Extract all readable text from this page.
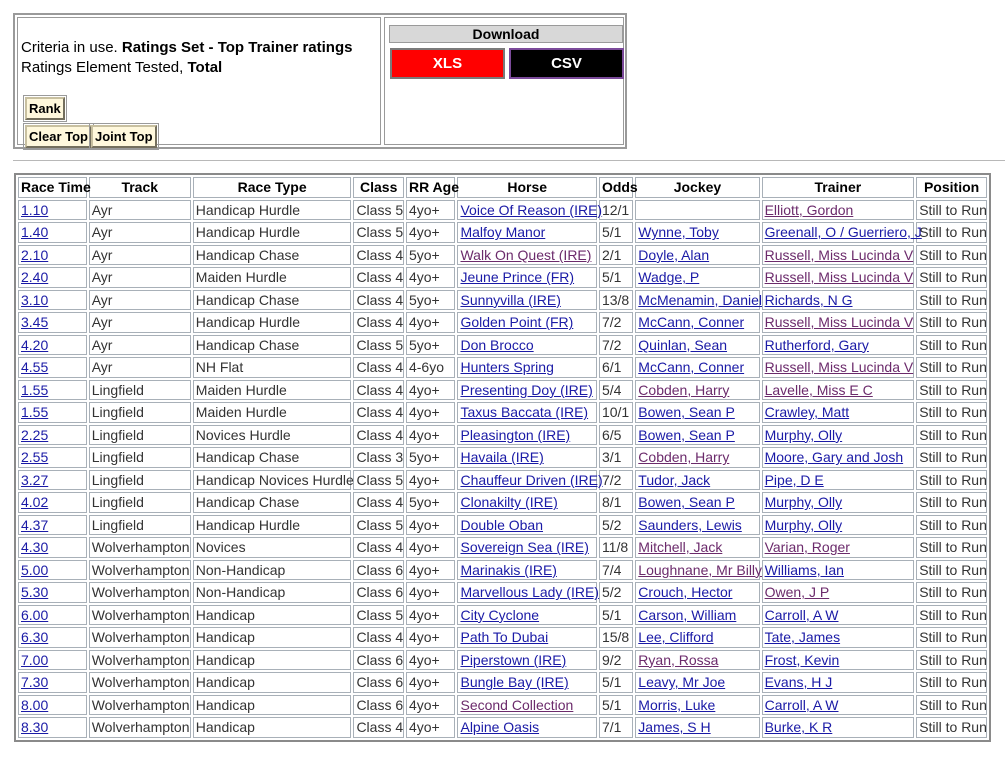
Criteria in use. Ratings Set - Top Trainer ratings
Ratings Element Tested, Total
Rank
Clear Top Joint Top
Download
XLS	CSV
Race Time	Track	Race Type	Class	RR Age	Horse	Odds	Jockey	Trainer	Position
1.10	Ayr	Handicap Hurdle	Class 5	4yo+	Voice Of Reason (IRE)	12/1		Elliott, Gordon	Still to Run
1.40	Ayr	Handicap Hurdle	Class 5	4yo+	Malfoy Manor	5/1	Wynne, Toby	Greenall, O / Guerriero, J	Still to Run
2.10	Ayr	Handicap Chase	Class 4	5yo+	Walk On Quest (IRE)	2/1	Doyle, Alan	Russell, Miss Lucinda V	Still to Run
2.40	Ayr	Maiden Hurdle	Class 4	4yo+	Jeune Prince (FR)	5/1	Wadge, P	Russell, Miss Lucinda V	Still to Run
3.10	Ayr	Handicap Chase	Class 4	5yo+	Sunnyvilla (IRE)	13/8	McMenamin, Daniel	Richards, N G	Still to Run
3.45	Ayr	Handicap Hurdle	Class 4	4yo+	Golden Point (FR)	7/2	McCann, Conner	Russell, Miss Lucinda V	Still to Run
4.20	Ayr	Handicap Chase	Class 5	5yo+	Don Brocco	7/2	Quinlan, Sean	Rutherford, Gary	Still to Run
4.55	Ayr	NH Flat	Class 4	4-6yo	Hunters Spring	6/1	McCann, Conner	Russell, Miss Lucinda V	Still to Run
1.55	Lingfield	Maiden Hurdle	Class 4	4yo+	Presenting Doy (IRE)	5/4	Cobden, Harry	Lavelle, Miss E C	Still to Run
1.55	Lingfield	Maiden Hurdle	Class 4	4yo+	Taxus Baccata (IRE)	10/1	Bowen, Sean P	Crawley, Matt	Still to Run
2.25	Lingfield	Novices Hurdle	Class 4	4yo+	Pleasington (IRE)	6/5	Bowen, Sean P	Murphy, Olly	Still to Run
2.55	Lingfield	Handicap Chase	Class 3	5yo+	Havaila (IRE)	3/1	Cobden, Harry	Moore, Gary and Josh	Still to Run
3.27	Lingfield	Handicap Novices Hurdle	Class 5	4yo+	Chauffeur Driven (IRE)	7/2	Tudor, Jack	Pipe, D E	Still to Run
4.02	Lingfield	Handicap Chase	Class 4	5yo+	Clonakilty (IRE)	8/1	Bowen, Sean P	Murphy, Olly	Still to Run
4.37	Lingfield	Handicap Hurdle	Class 5	4yo+	Double Oban	5/2	Saunders, Lewis	Murphy, Olly	Still to Run
4.30	Wolverhampton	Novices	Class 4	4yo+	Sovereign Sea (IRE)	11/8	Mitchell, Jack	Varian, Roger	Still to Run
5.00	Wolverhampton	Non-Handicap	Class 6	4yo+	Marinakis (IRE)	7/4	Loughnane, Mr Billy	Williams, Ian	Still to Run
5.30	Wolverhampton	Non-Handicap	Class 6	4yo+	Marvellous Lady (IRE)	5/2	Crouch, Hector	Owen, J P	Still to Run
6.00	Wolverhampton	Handicap	Class 5	4yo+	City Cyclone	5/1	Carson, William	Carroll, A W	Still to Run
6.30	Wolverhampton	Handicap	Class 4	4yo+	Path To Dubai	15/8	Lee, Clifford	Tate, James	Still to Run
7.00	Wolverhampton	Handicap	Class 6	4yo+	Piperstown (IRE)	9/2	Ryan, Rossa	Frost, Kevin	Still to Run
7.30	Wolverhampton	Handicap	Class 6	4yo+	Bungle Bay (IRE)	5/1	Leavy, Mr Joe	Evans, H J	Still to Run
8.00	Wolverhampton	Handicap	Class 6	4yo+	Second Collection	5/1	Morris, Luke	Carroll, A W	Still to Run
8.30	Wolverhampton	Handicap	Class 4	4yo+	Alpine Oasis	7/1	James, S H	Burke, K R	Still to Run
